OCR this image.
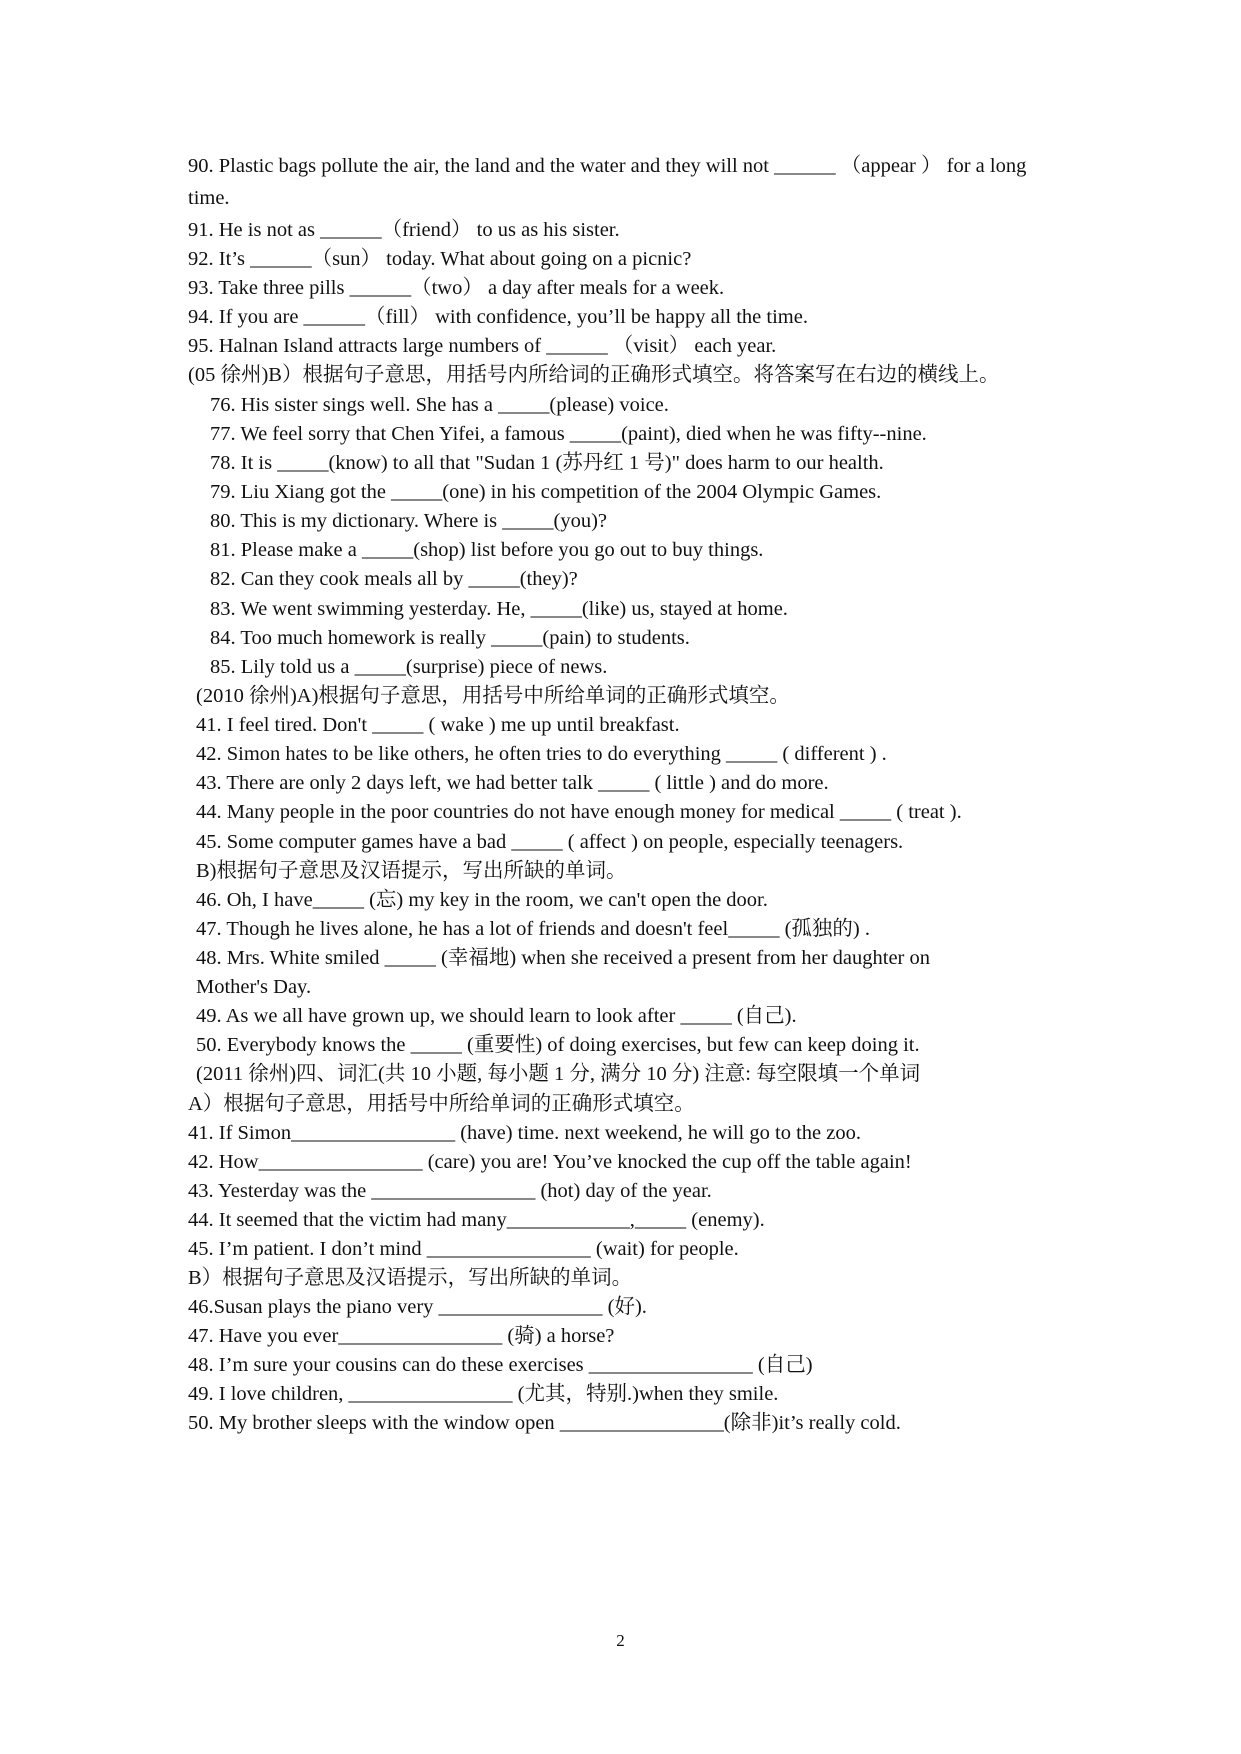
90. Plastic bags pollute the air, the land and the water and they will not ______ （appear ） for a long time.
91. He is not as ______（friend） to us as his sister.
92. It’s ______（sun） today. What about going on a picnic?
93. Take three pills ______（two） a day after meals for a week.
94. If you are ______（fill） with confidence, you’ll be happy all the time.
95. Halnan Island attracts large numbers of ______ （visit） each year.
(05 徐州)B）根据句子意思，用括号内所给词的正确形式填空。将答案写在右边的横线上。
76. His sister sings well. She has a _____(please) voice.
77. We feel sorry that Chen Yifei, a famous _____(paint), died when he was fifty--nine.
78. It is _____(know) to all that "Sudan 1 (苏丹红 1 号)" does harm to our health.
79. Liu Xiang got the _____(one) in his competition of the 2004 Olympic Games.
80. This is my dictionary. Where is _____(you)?
81. Please make a _____(shop) list before you go out to buy things.
82. Can they cook meals all by _____(they)?
83. We went swimming yesterday. He, _____(like) us, stayed at home.
84. Too much homework is really _____(pain) to students.
85. Lily told us a _____(surprise) piece of news.
(2010 徐州)A)根据句子意思，用括号中所给单词的正确形式填空。
41. I feel tired. Don't _____ ( wake ) me up until breakfast.
42. Simon hates to be like others, he often tries to do everything _____ ( different ) .
43. There are only 2 days left, we had better talk _____ ( little ) and do more.
44. Many people in the poor countries do not have enough money for medical _____ ( treat ).
45. Some computer games have a bad _____ ( affect ) on people, especially teenagers.
B)根据句子意思及汉语提示，写出所缺的单词。
46. Oh, I have_____ (忘) my key in the room, we can't open the door.
47. Though he lives alone, he has a lot of friends and doesn't feel_____ (孤独的) .
48. Mrs. White smiled _____ (幸福地) when she received a present from her daughter on
Mother's Day.
49. As we all have grown up, we should learn to look after _____ (自己).
50. Everybody knows the _____ (重要性) of doing exercises, but few can keep doing it.
(2011 徐州)四、词汇(共 10 小题, 每小题 1 分, 满分 10 分) 注意: 每空限填一个单词
A）根据句子意思，用括号中所给单词的正确形式填空。
41. If Simon________________ (have) time. next weekend, he will go to the zoo.
42. How________________ (care) you are! You’ve knocked the cup off the table again!
43. Yesterday was the ________________ (hot) day of the year.
44. It seemed that the victim had many____________,_____ (enemy).
45. I’m patient. I don’t mind ________________ (wait) for people.
B）根据句子意思及汉语提示，写出所缺的单词。
46.Susan plays the piano very ________________ (好).
47. Have you ever________________ (骑) a horse?
48. I’m sure your cousins can do these exercises ________________ (自己)
49. I love children, ________________ (尤其，特别.)when they smile.
50. My brother sleeps with the window open ________________(除非)it’s really cold.
2
